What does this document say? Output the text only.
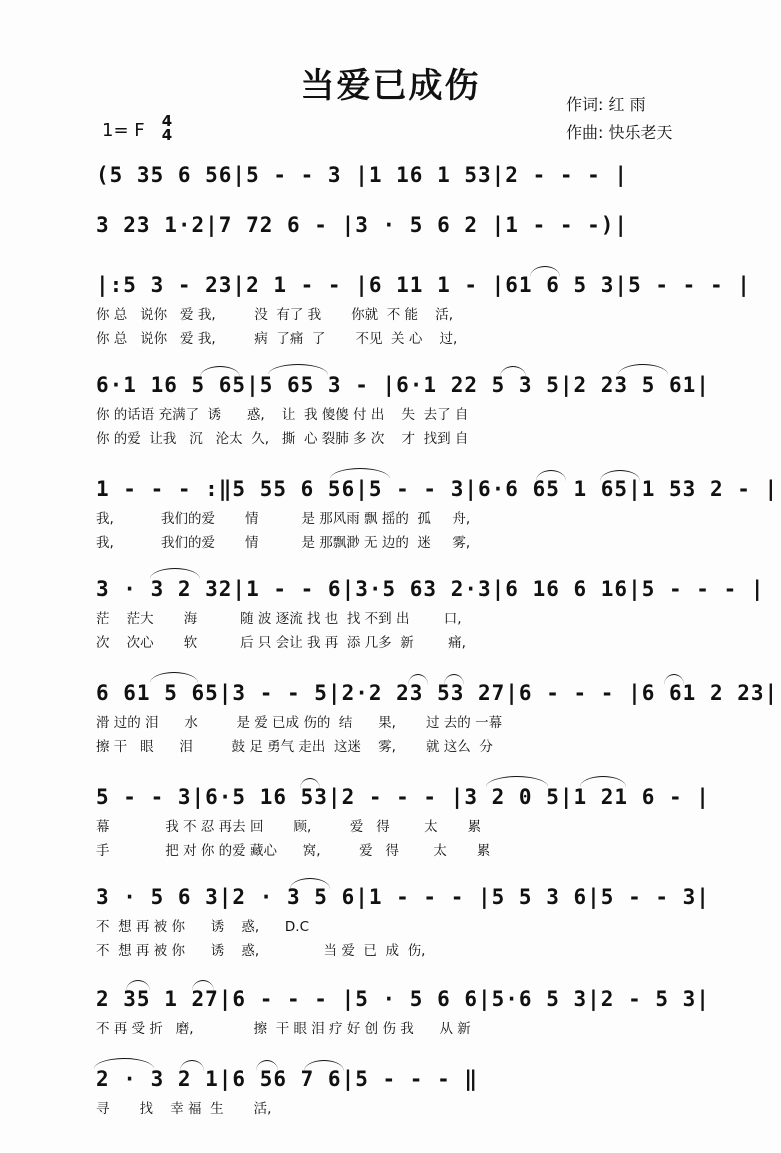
当爱已成伤	作词: 红 雨
作曲: 快乐老天
1= F 4
4
(5 35 6 56|5 - - 3 |1 16 1 53|2 - - - |
3 23 1·2|7 72 6 - |3 · 5 6 2 |1 - - -)|
|:5 3 - 23|2 1 - - |6 11 1 - |61 6 5 3|5 - - - |
你 总   说你   爱 我,         没  有了 我       你就  不 能    活,
你 总   说你   爱 我,         病  了痛  了       不见  关 心    过,
6·1 16 5 65|5 65 3 - |6·1 22 5 3 5|2 23 5 61|
你 的话语 充满了  诱      惑,    让  我 傻傻 付 出    失  去了 自
你 的爱  让我   沉   沦太  久,   撕  心 裂肺 多 次    才  找到 自
1 - - - :‖5 55 6 56|5 - - 3|6·6 65 1 65|1 53 2 - |
我,           我们的爱       情          是 那风雨 飘 摇的  孤     舟,
我,           我们的爱       情          是 那飘渺 无 边的  迷     雾,
3 · 3 2 32|1 - - 6|3·5 63 2·3|6 16 6 16|5 - - - |
茫    茫大       海          随 波 逐流 找 也  找 不到 出        口,
次    次心       软          后 只 会让 我 再  添 几多  新        痛,
6 61 5 65|3 - - 5|2·2 23 53 27|6 - - - |6 61 2 23|
滑 过的 泪      水         是 爱 已成 伤的  结      果,       过 去的 一幕
擦 干   眼      泪         鼓 足 勇气 走出  这迷    雾,       就 这么  分
5 - - 3|6·5 16 53|2 - - - |3 2 0 5|1 21 6 - |
幕             我 不 忍 再去 回       顾,         爱   得        太       累
手             把 对 你 的爱 藏心      窝,         爱   得        太       累
3 · 5 6 3|2 · 3 5 6|1 - - - |5 5 3 6|5 - - 3|
不  想 再 被 你      诱    惑,      D.C
不  想 再 被 你      诱    惑,               当 爱  已  成  伤,
2 35 1 27|6 - - - |5 · 5 6 6|5·6 5 3|2 - 5 3|
不 再 受 折   磨,              擦  干 眼 泪 疗 好 创 伤 我      从 新
2 · 3 2 1|6 56 7 6|5 - - - ‖
寻       找    幸 福  生       活,
